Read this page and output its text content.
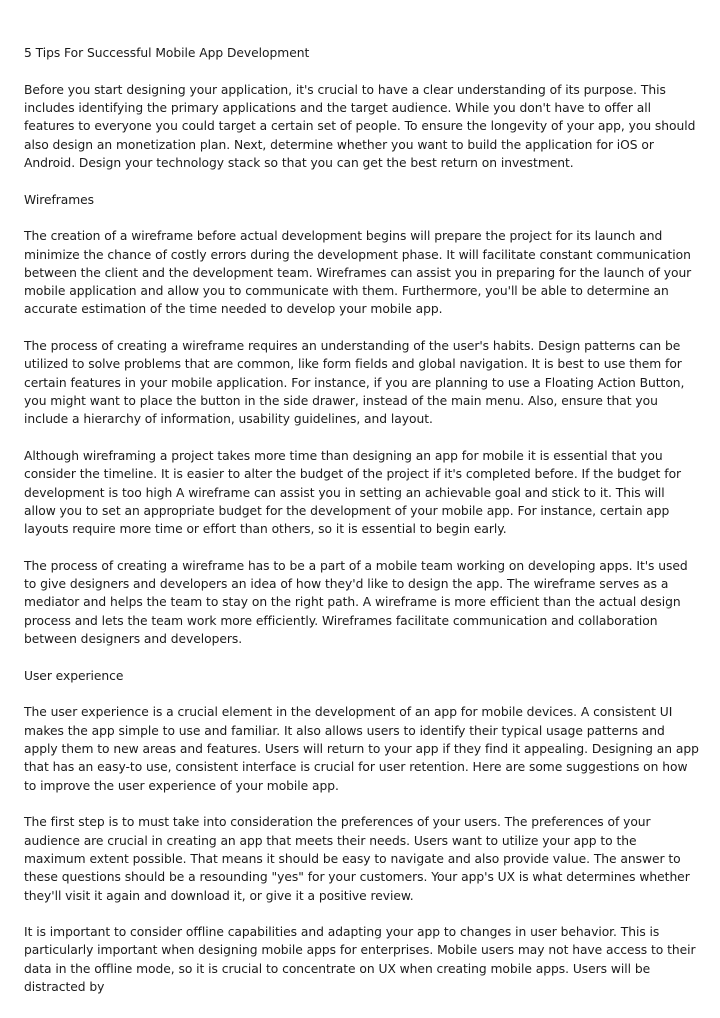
5 Tips For Successful Mobile App Development

Before you start designing your application, it's crucial to have a clear understanding of its purpose. This includes identifying the primary applications and the target audience. While you don't have to offer all features to everyone you could target a certain set of people. To ensure the longevity of your app, you should also design an monetization plan. Next, determine whether you want to build the application for iOS or Android. Design your technology stack so that you can get the best return on investment.

Wireframes

The creation of a wireframe before actual development begins will prepare the project for its launch and minimize the chance of costly errors during the development phase. It will facilitate constant communication between the client and the development team. Wireframes can assist you in preparing for the launch of your mobile application and allow you to communicate with them. Furthermore, you'll be able to determine an accurate estimation of the time needed to develop your mobile app.

The process of creating a wireframe requires an understanding of the user's habits. Design patterns can be utilized to solve problems that are common, like form fields and global navigation. It is best to use them for certain features in your mobile application. For instance, if you are planning to use a Floating Action Button, you might want to place the button in the side drawer, instead of the main menu. Also, ensure that you include a hierarchy of information, usability guidelines, and layout.

Although wireframing a project takes more time than designing an app for mobile it is essential that you consider the timeline. It is easier to alter the budget of the project if it's completed before. If the budget for development is too high A wireframe can assist you in setting an achievable goal and stick to it. This will allow you to set an appropriate budget for the development of your mobile app. For instance, certain app layouts require more time or effort than others, so it is essential to begin early.

The process of creating a wireframe has to be a part of a mobile team working on developing apps. It's used to give designers and developers an idea of how they'd like to design the app. The wireframe serves as a mediator and helps the team to stay on the right path. A wireframe is more efficient than the actual design process and lets the team work more efficiently. Wireframes facilitate communication and collaboration between designers and developers.

User experience

The user experience is a crucial element in the development of an app for mobile devices. A consistent UI makes the app simple to use and familiar. It also allows users to identify their typical usage patterns and apply them to new areas and features. Users will return to your app if they find it appealing. Designing an app that has an easy-to use, consistent interface is crucial for user retention. Here are some suggestions on how to improve the user experience of your mobile app.

The first step is to must take into consideration the preferences of your users. The preferences of your audience are crucial in creating an app that meets their needs. Users want to utilize your app to the maximum extent possible. That means it should be easy to navigate and also provide value. The answer to these questions should be a resounding "yes" for your customers. Your app's UX is what determines whether they'll visit it again and download it, or give it a positive review.

It is important to consider offline capabilities and adapting your app to changes in user behavior. This is particularly important when designing mobile apps for enterprises. Mobile users may not have access to their data in the offline mode, so it is crucial to concentrate on UX when creating mobile apps. Users will be distracted by
